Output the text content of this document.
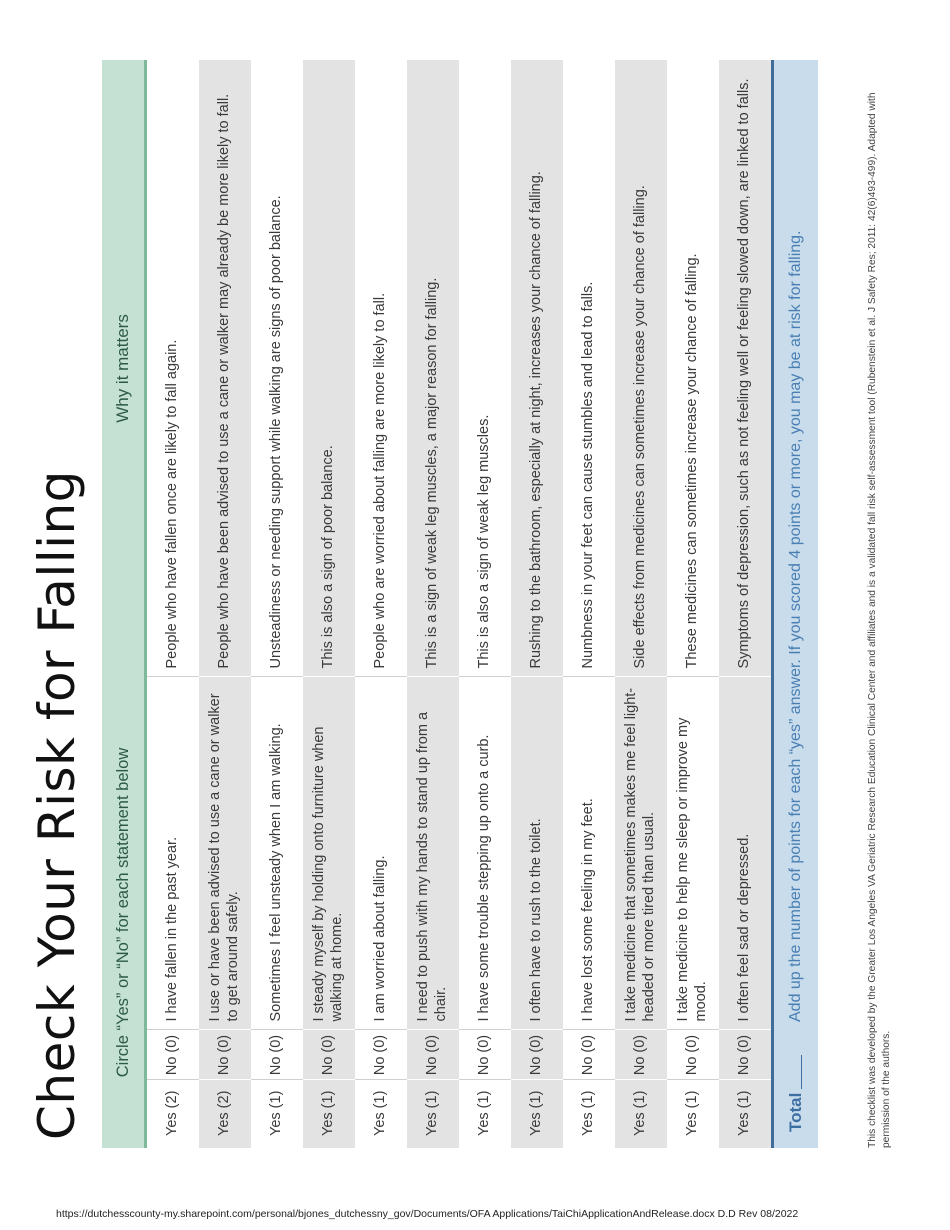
Check Your Risk for Falling Circle “Yes” or “No” for each statement below			Why it matters
Yes (2)	No (0)	I have fallen in the past year.	People who have fallen once are likely to fall again.
Yes (2)	No (0)	I use or have been advised to use a cane or walker to get around safely.	People who have been advised to use a cane or walker may already be more likely to fall.
Yes (1)	No (0)	Sometimes I feel unsteady when I am walking.	Unsteadiness or needing support while walking are signs of poor balance.
Yes (1)	No (0)	I steady myself by holding onto furniture when walking at home.	This is also a sign of poor balance.
Yes (1)	No (0)	I am worried about falling.	People who are worried about falling are more likely to fall.
Yes (1)	No (0)	I need to push with my hands to stand up from a chair.	This is a sign of weak leg muscles, a major reason for falling.
Yes (1)	No (0)	I have some trouble stepping up onto a curb.	This is also a sign of weak leg muscles.
Yes (1)	No (0)	I often have to rush to the toilet.	Rushing to the bathroom, especially at night, increases your chance of falling.
Yes (1)	No (0)	I have lost some feeling in my feet.	Numbness in your feet can cause stumbles and lead to falls.
Yes (1)	No (0)	I take medicine that sometimes makes me feel light-headed or more tired than usual.	Side effects from medicines can sometimes increase your chance of falling.
Yes (1)	No (0)	I take medicine to help me sleep or improve my mood.	These medicines can sometimes increase your chance of falling.
Yes (1)	No (0)	I often feel sad or depressed.	Symptoms of depression, such as not feeling well or feeling slowed down, are linked to falls.
Total		Add up the number of points for each “yes” answer. If you scored 4 points or more, you may be at risk for falling.		This checklist was developed by the Greater Los Angeles VA Geriatric Research Education Clinical Center and affiliates and is a validated fall risk self-assessment tool (Rubenstein et al. J Safety Res; 2011: 42(6)493-499). Adapted with permission of the authors.
https://dutchesscounty-my.sharepoint.com/personal/bjones_dutchessny_gov/Documents/OFA Applications/TaiChiApplicationAndRelease.docx D.D Rev 08/2022
